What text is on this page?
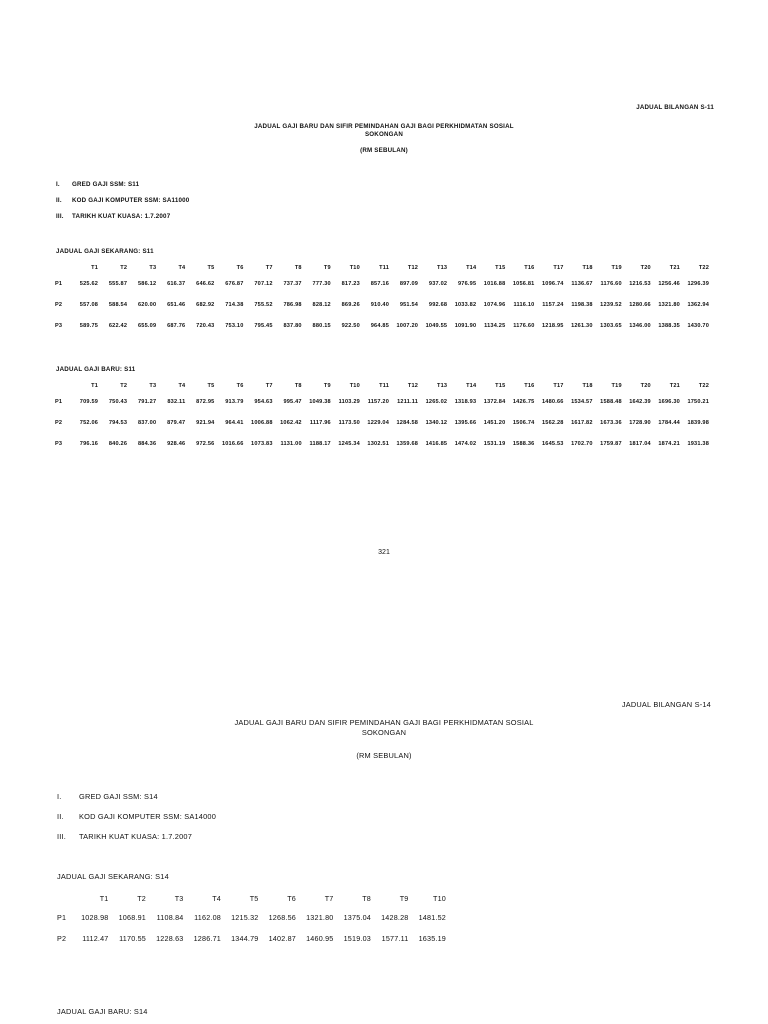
JADUAL BILANGAN S-11
JADUAL GAJI BARU DAN SIFIR PEMINDAHAN GAJI BAGI PERKHIDMATAN SOSIAL
SOKONGAN
(RM SEBULAN)
I. GRED GAJI SSM: S11
II. KOD GAJI KOMPUTER SSM: SA11000
III. TARIKH KUAT KUASA: 1.7.2007
JADUAL GAJI SEKARANG: S11
	T1	T2	T3	T4	T5	T6	T7	T8	T9	T10	T11	T12	T13	T14	T15	T16	T17	T18	T19	T20	T21	T22
P1	525.62	555.87	586.12	616.37	646.62	676.87	707.12	737.37	777.30	817.23	857.16	897.09	937.02	976.95	1016.88	1056.81	1096.74	1136.67	1176.60	1216.53	1256.46	1296.39
P2	557.08	588.54	620.00	651.46	682.92	714.38	755.52	786.98	828.12	869.26	910.40	951.54	992.68	1033.82	1074.96	1116.10	1157.24	1198.38	1239.52	1280.66	1321.80	1362.94
P3	589.75	622.42	655.09	687.76	720.43	753.10	795.45	837.80	880.15	922.50	964.85	1007.20	1049.55	1091.90	1134.25	1176.60	1218.95	1261.30	1303.65	1346.00	1388.35	1430.70
JADUAL GAJI BARU: S11
	T1	T2	T3	T4	T5	T6	T7	T8	T9	T10	T11	T12	T13	T14	T15	T16	T17	T18	T19	T20	T21	T22
P1	709.59	750.43	791.27	832.11	872.95	913.79	954.63	995.47	1049.38	1103.29	1157.20	1211.11	1265.02	1318.93	1372.84	1426.75	1480.66	1534.57	1588.48	1642.39	1696.30	1750.21
P2	752.06	794.53	837.00	879.47	921.94	964.41	1006.88	1062.42	1117.96	1173.50	1229.04	1284.58	1340.12	1395.66	1451.20	1506.74	1562.28	1617.82	1673.36	1728.90	1784.44	1839.98
P3	796.16	840.26	884.36	928.46	972.56	1016.66	1073.83	1131.00	1188.17	1245.34	1302.51	1359.68	1416.85	1474.02	1531.19	1588.36	1645.53	1702.70	1759.87	1817.04	1874.21	1931.38
321
JADUAL BILANGAN S-14
JADUAL GAJI BARU DAN SIFIR PEMINDAHAN GAJI BAGI PERKHIDMATAN SOSIAL
SOKONGAN
(RM SEBULAN)
I. GRED GAJI SSM: S14
II. KOD GAJI KOMPUTER SSM: SA14000
III. TARIKH KUAT KUASA: 1.7.2007
JADUAL GAJI SEKARANG: S14
	T1	T2	T3	T4	T5	T6	T7	T8	T9	T10
P1	1028.98	1068.91	1108.84	1162.08	1215.32	1268.56	1321.80	1375.04	1428.28	1481.52
P2	1112.47	1170.55	1228.63	1286.71	1344.79	1402.87	1460.95	1519.03	1577.11	1635.19
JADUAL GAJI BARU: S14
